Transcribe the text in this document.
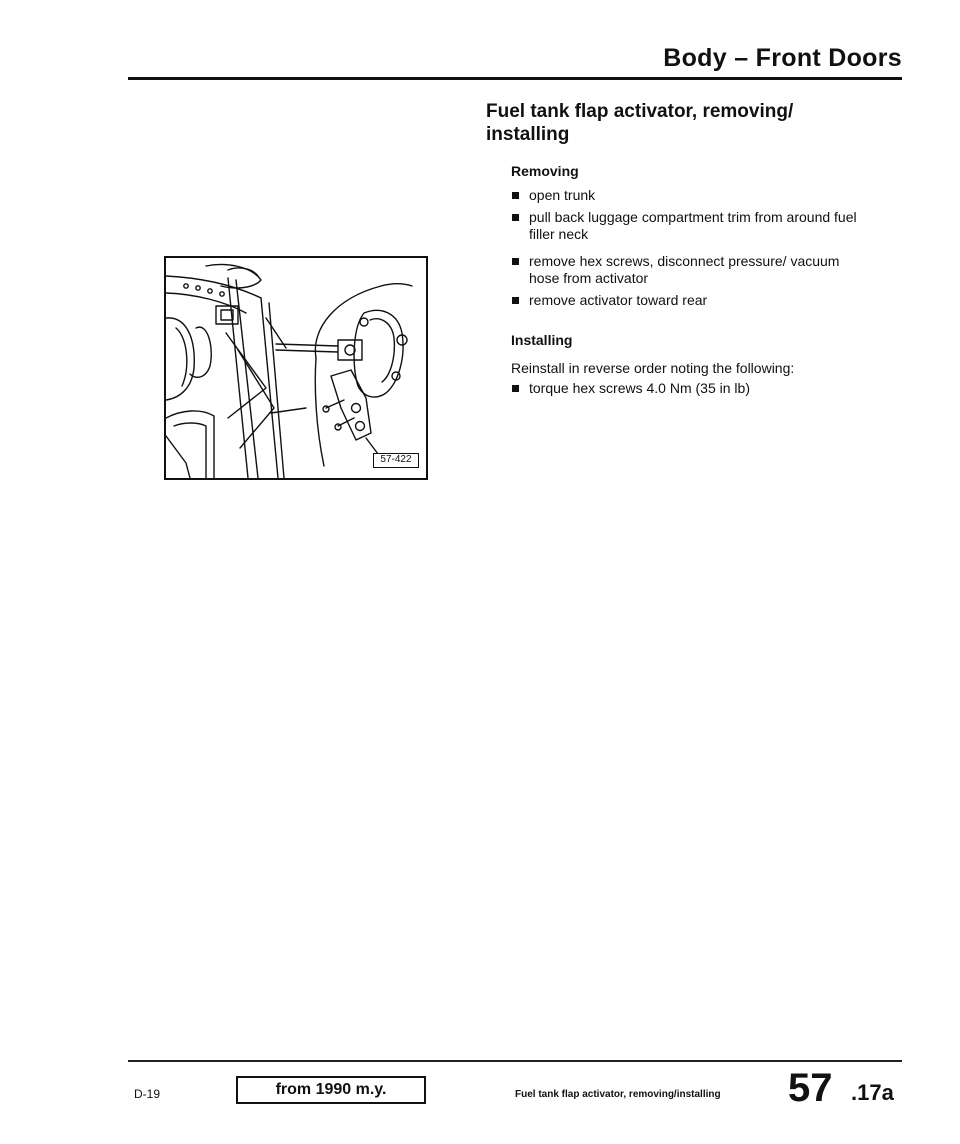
Body – Front Doors
Fuel tank flap activator, removing/ installing
Removing
open trunk
pull back luggage compartment trim from around fuel filler neck
remove hex screws, disconnect pressure/ vacuum hose from activator
remove activator toward rear
Installing

Reinstall in reverse order noting the following:

torque hex screws 4.0 Nm (35 in lb)
57-422
D-19	from 1990 m.y.	Fuel tank flap activator, removing/installing 57 .17a
